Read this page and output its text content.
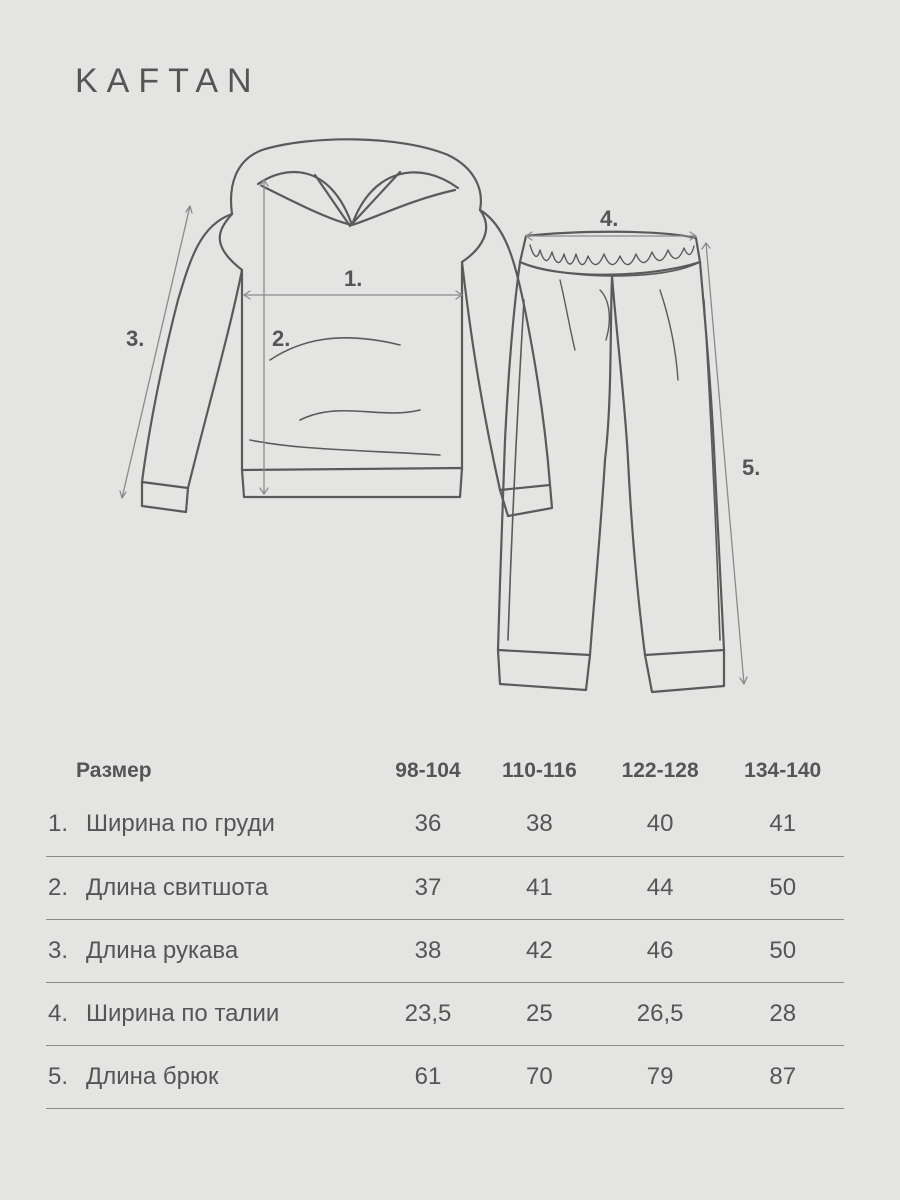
KAFTAN
1.
2.
3.
4.
5.
Размер		98-104	110-116	122-128	134-140
1.	Ширина по груди	36	38	40	41
2.	Длина свитшота	37	41	44	50
3.	Длина рукава	38	42	46	50
4.	Ширина по талии	23,5	25	26,5	28
5.	Длина брюк	61	70	79	87
